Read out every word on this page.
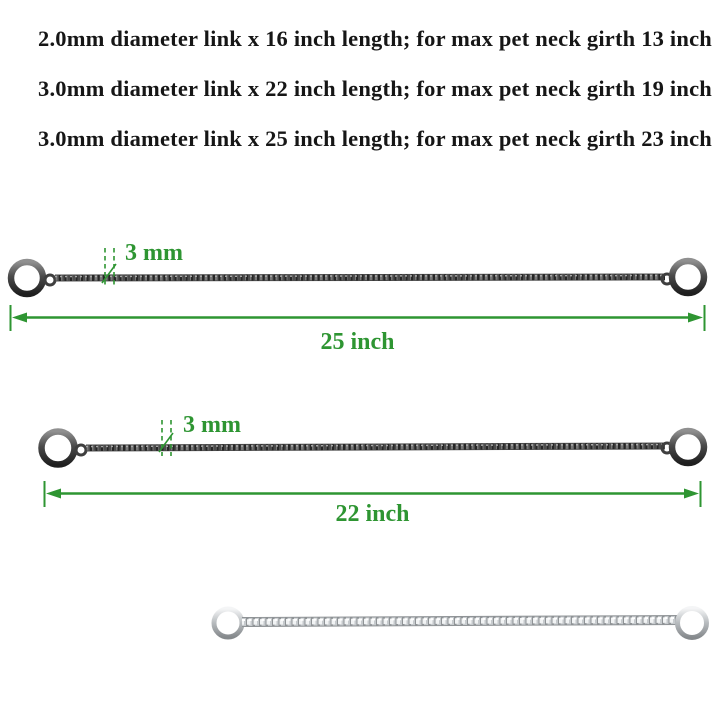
2.0mm diameter link x 16 inch length; for max pet neck girth 13 inch
3.0mm diameter link x 22 inch length; for max pet neck girth 19 inch
3.0mm diameter link x 25 inch length; for max pet neck girth 23 inch
3 mm
25 inch
3 mm
22 inch
